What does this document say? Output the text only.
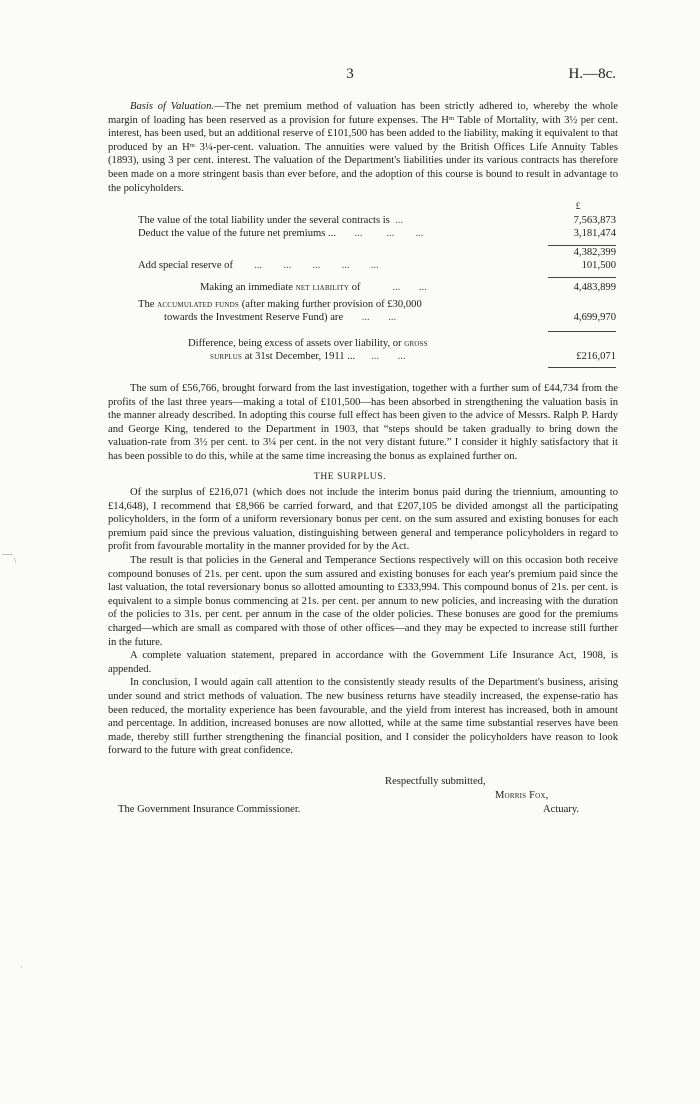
3	H.—8c.

Basis of Valuation.—The net premium method of valuation has been strictly adhered to, whereby the whole margin of loading has been reserved as a provision for future expenses. The Hᵐ Table of Mortality, with 3½ per cent. interest, has been used, but an additional reserve of £101,500 has been added to the liability, making it equivalent to that produced by an Hᵐ 3¼-per-cent. valuation. The annuities were valued by the British Offices Life Annuity Tables (1893), using 3 per cent. interest. The valuation of the Department's liabilities under its various contracts has therefore been made on a more stringent basis than ever before, and the adoption of this course is bound to result in advantage to the policyholders.

£
The value of the total liability under the several contracts is  ...	7,563,873
Deduct the value of the future net premiums ...       ...         ...        ...	3,181,474
4,382,399
Add special reserve of        ...        ...        ...        ...        ...	101,500
Making an immediate net liability of            ...       ...	4,483,899
The accumulated funds (after making further provision of £30,000
towards the Investment Reserve Fund) are       ...       ...	4,699,970
Difference, being excess of assets over liability, or gross
surplus at 31st December, 1911 ...      ...       ...	£216,071

The sum of £56,766, brought forward from the last investigation, together with a further sum of £44,734 from the profits of the last three years—making a total of £101,500—has been absorbed in strengthening the valuation basis in the manner already described. In adopting this course full effect has been given to the advice of Messrs. Ralph P. Hardy and George King, tendered to the Department in 1903, that “steps should be taken gradually to bring down the valuation-rate from 3½ per cent. to 3¼ per cent. in the not very distant future.” I consider it highly satisfactory that it has been possible to do this, while at the same time increasing the bonus as explained further on.

THE SURPLUS.

Of the surplus of £216,071 (which does not include the interim bonus paid during the triennium, amounting to £14,648), I recommend that £8,966 be carried forward, and that £207,105 be divided amongst all the participating policyholders, in the form of a uniform reversionary bonus per cent. on the sum assured and existing bonuses for each premium paid since the previous valuation, distinguishing between general and temperance policyholders in regard to profit from favourable mortality in the manner provided for by the Act.

The result is that policies in the General and Temperance Sections respectively will on this occasion both receive compound bonuses of 21s. per cent. upon the sum assured and existing bonuses for each year's premium paid since the last valuation, the total reversionary bonus so allotted amounting to £333,994. This compound bonus of 21s. per cent. is equivalent to a simple bonus commencing at 21s. per cent. per annum to new policies, and increasing with the duration of the policies to 31s. per cent. per annum in the case of the older policies. These bonuses are good for the premiums charged—which are small as compared with those of other offices—and they may be expected to increase still further in the future.

A complete valuation statement, prepared in accordance with the Government Life Insurance Act, 1908, is appended.

In conclusion, I would again call attention to the consistently steady results of the Department's business, arising under sound and strict methods of valuation. The new business returns have steadily increased, the expense-ratio has been reduced, the mortality experience has been favourable, and the yield from interest has increased, both in amount and percentage. In addition, increased bonuses are now allotted, while at the same time substantial reserves have been made, thereby still further strengthening the financial position, and I consider the policyholders have reason to look forward to the future with great confidence.

Respectfully submitted,
Morris Fox,
Actuary.
The Government Insurance Commissioner.
—
\
·
